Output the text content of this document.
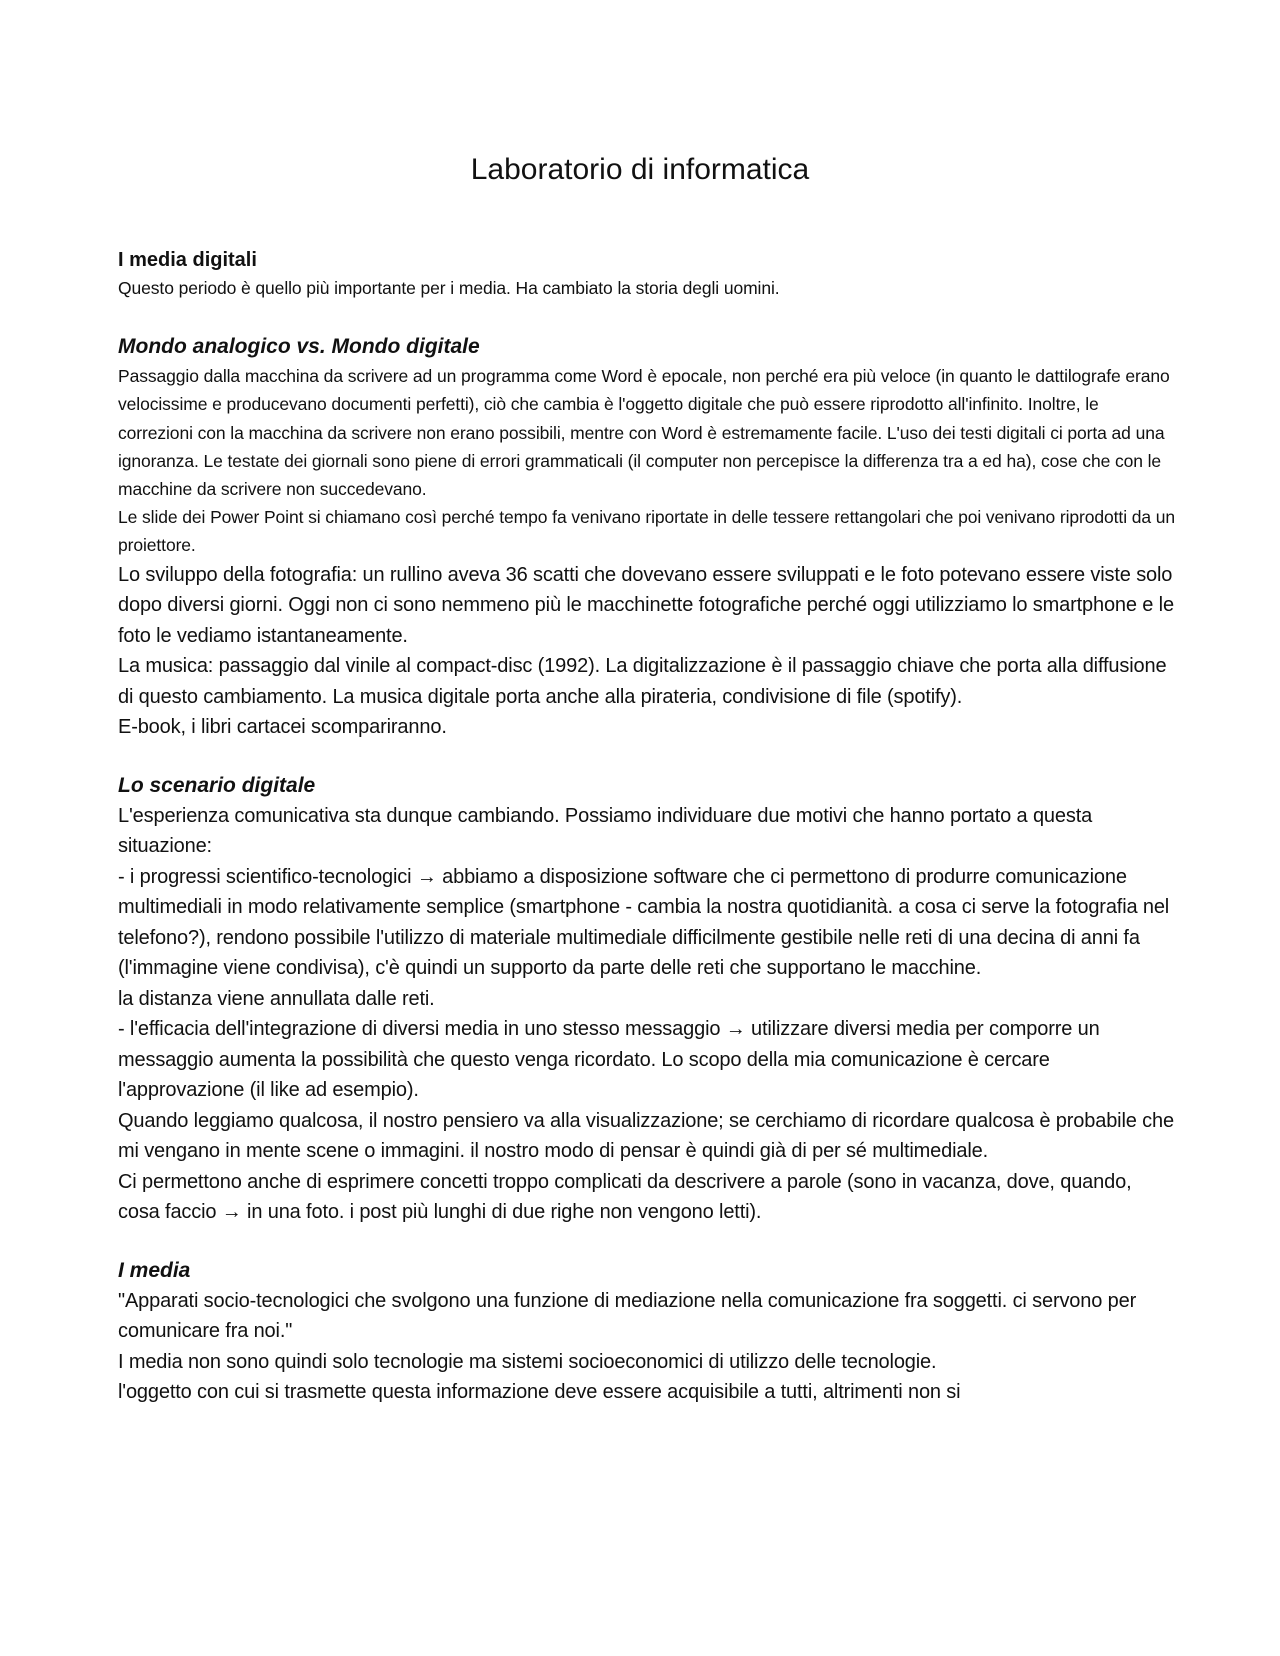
Laboratorio di informatica
I media digitali

Questo periodo è quello più importante per i media. Ha cambiato la storia degli uomini.

Mondo analogico vs. Mondo digitale

Passaggio dalla macchina da scrivere ad un programma come Word è epocale, non perché era più veloce (in quanto le dattilografe erano velocissime e producevano documenti perfetti), ciò che cambia è l'oggetto digitale che può essere riprodotto all'infinito. Inoltre, le correzioni con la macchina da scrivere non erano possibili, mentre con Word è estremamente facile. L'uso dei testi digitali ci porta ad una ignoranza. Le testate dei giornali sono piene di errori grammaticali (il computer non percepisce la differenza tra a ed ha), cose che con le macchine da scrivere non succedevano.

Le slide dei Power Point si chiamano così perché tempo fa venivano riportate in delle tessere rettangolari che poi venivano riprodotti da un proiettore.

Lo sviluppo della fotografia: un rullino aveva 36 scatti che dovevano essere sviluppati e le foto potevano essere viste solo dopo diversi giorni. Oggi non ci sono nemmeno più le macchinette fotografiche perché oggi utilizziamo lo smartphone e le foto le vediamo istantaneamente.

La musica: passaggio dal vinile al compact-disc (1992). La digitalizzazione è il passaggio chiave che porta alla diffusione di questo cambiamento. La musica digitale porta anche alla pirateria, condivisione di file (spotify).

E-book, i libri cartacei scompariranno.

Lo scenario digitale

L'esperienza comunicativa sta dunque cambiando. Possiamo individuare due motivi che hanno portato a questa situazione:

- i progressi scientifico-tecnologici → abbiamo a disposizione software che ci permettono di produrre comunicazione multimediali in modo relativamente semplice (smartphone - cambia la nostra quotidianità. a cosa ci serve la fotografia nel telefono?), rendono possibile l'utilizzo di materiale multimediale difficilmente gestibile nelle reti di una decina di anni fa (l'immagine viene condivisa), c'è quindi un supporto da parte delle reti che supportano le macchine.

la distanza viene annullata dalle reti.

- l'efficacia dell'integrazione di diversi media in uno stesso messaggio → utilizzare diversi media per comporre un messaggio aumenta la possibilità che questo venga ricordato. Lo scopo della mia comunicazione è cercare l'approvazione (il like ad esempio).

Quando leggiamo qualcosa, il nostro pensiero va alla visualizzazione; se cerchiamo di ricordare qualcosa è probabile che mi vengano in mente scene o immagini. il nostro modo di pensar è quindi già di per sé multimediale.

Ci permettono anche di esprimere concetti troppo complicati da descrivere a parole (sono in vacanza, dove, quando, cosa faccio → in una foto. i post più lunghi di due righe non vengono letti).

I media

"Apparati socio-tecnologici che svolgono una funzione di mediazione nella comunicazione fra soggetti. ci servono per comunicare fra noi."

I media non sono quindi solo tecnologie ma sistemi socioeconomici di utilizzo delle tecnologie.

l'oggetto con cui si trasmette questa informazione deve essere acquisibile a tutti, altrimenti non si
